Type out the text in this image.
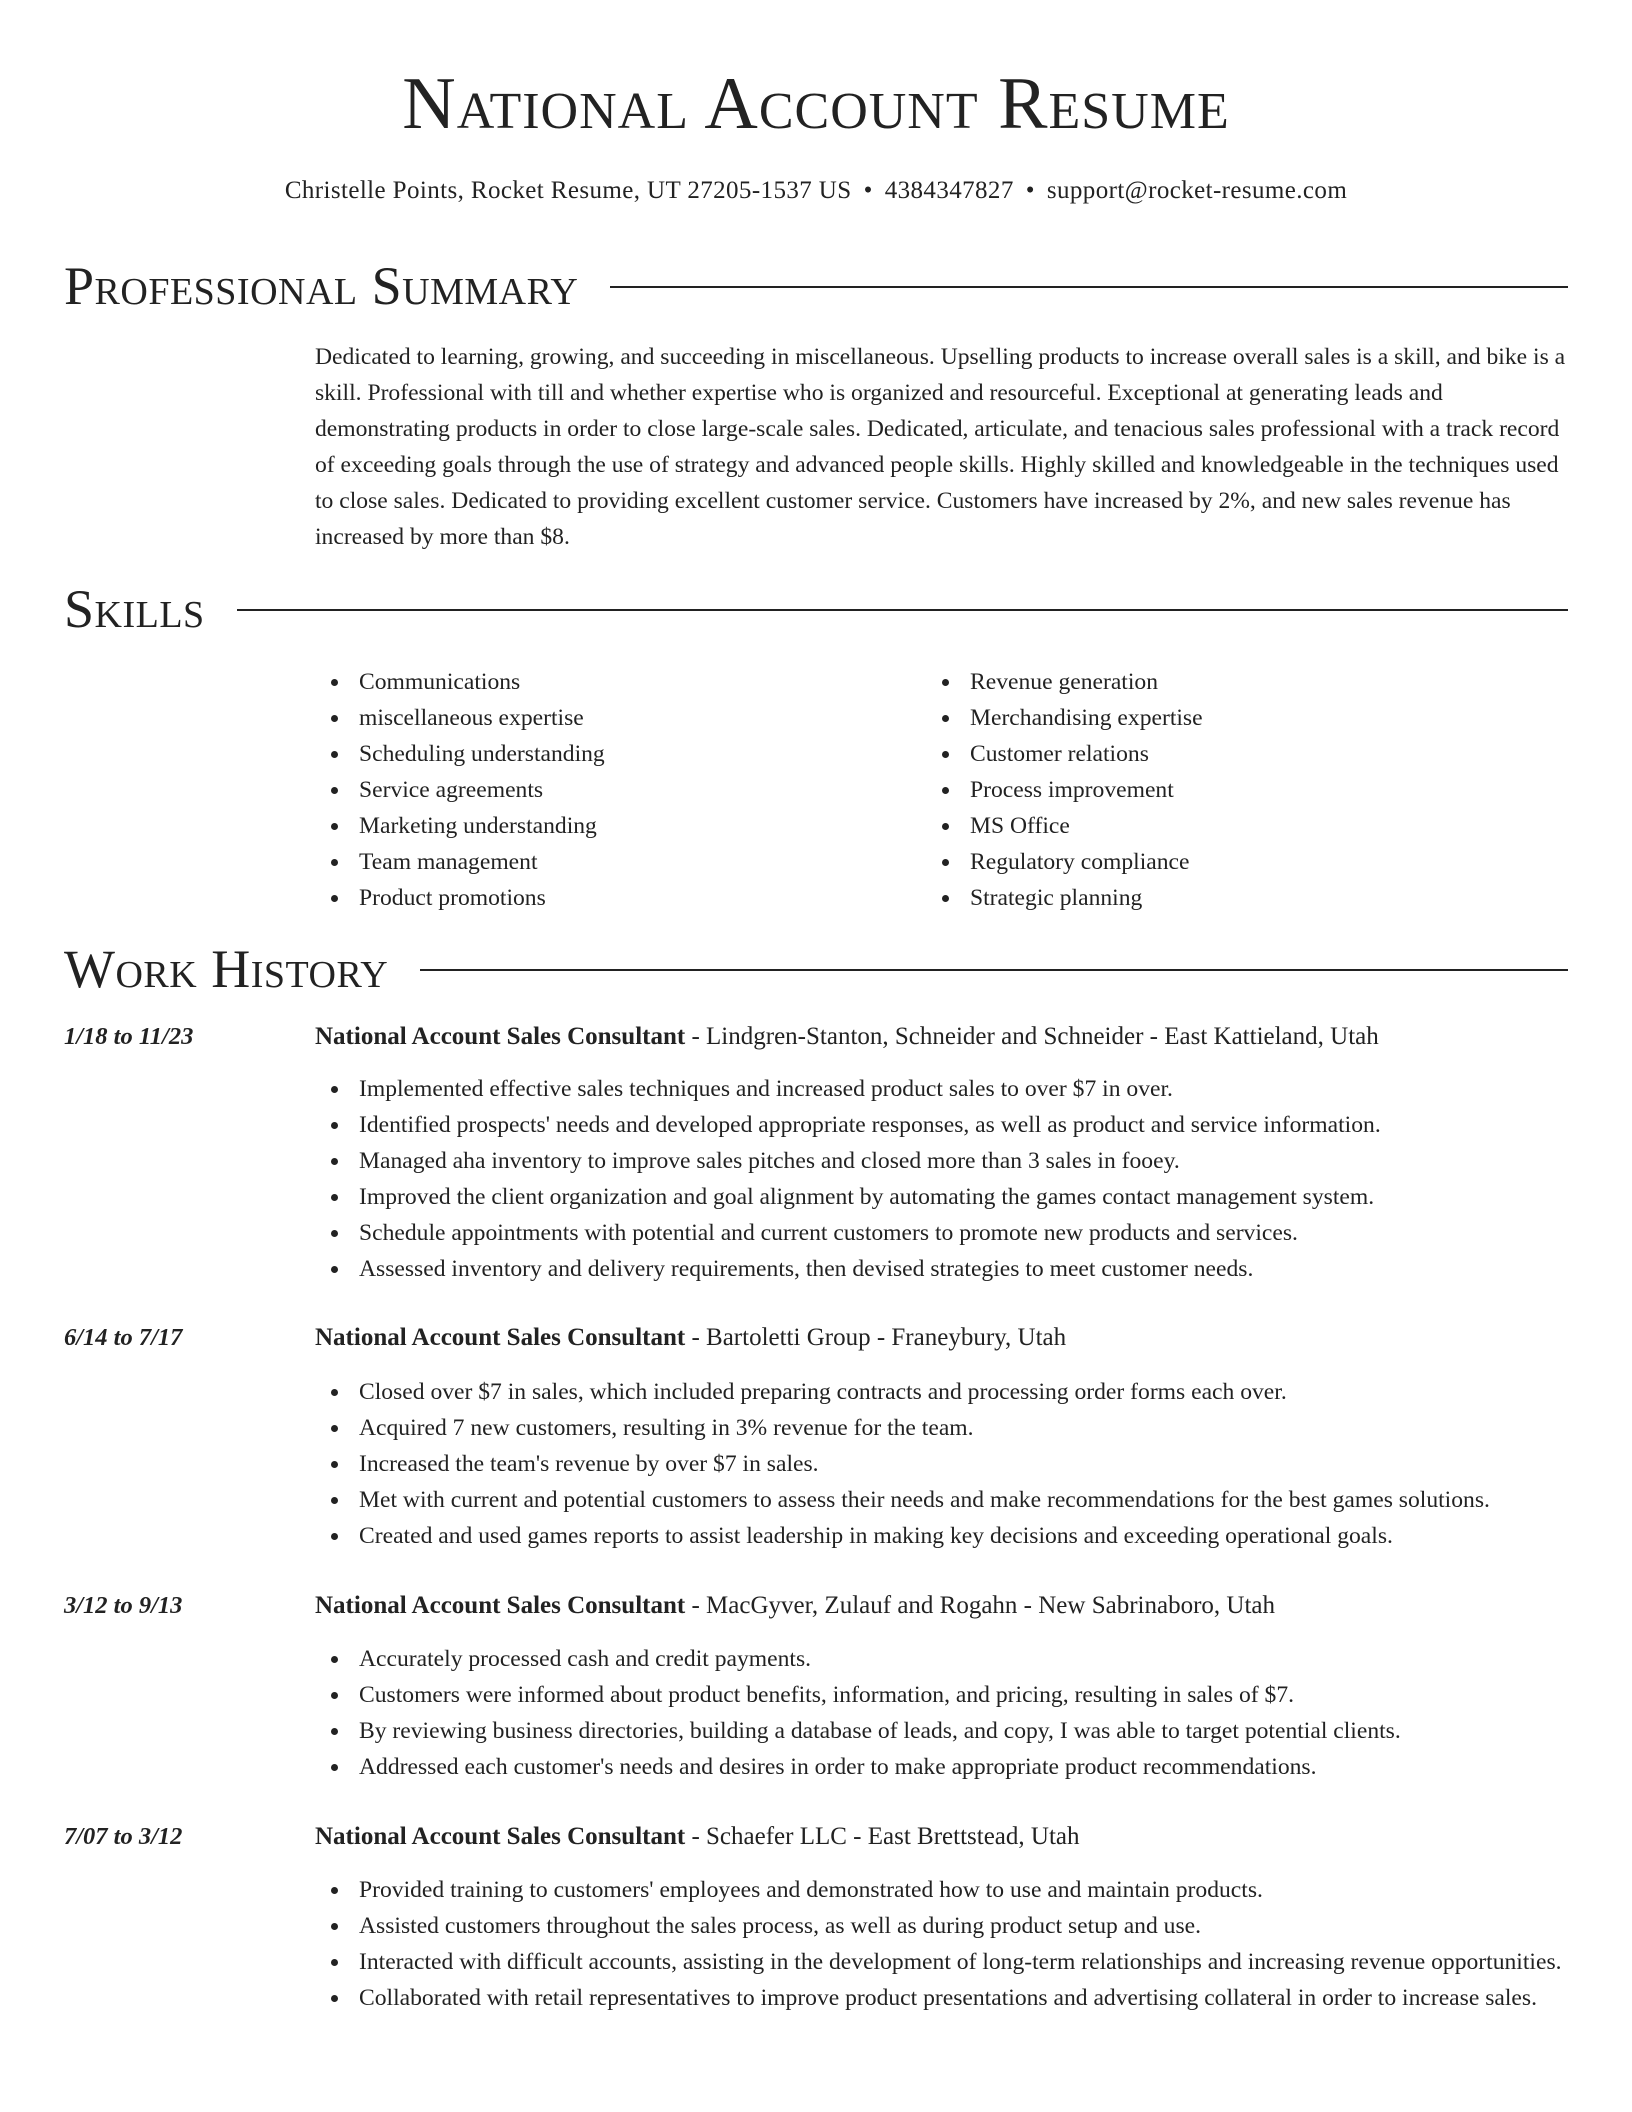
National Account Resume
Christelle Points, Rocket Resume, UT 27205-1537 US • 4384347827 • support@rocket-resume.com
Professional Summary

Dedicated to learning, growing, and succeeding in miscellaneous. Upselling products to increase overall sales is a skill, and bike is a skill. Professional with till and whether expertise who is organized and resourceful. Exceptional at generating leads and demonstrating products in order to close large-scale sales. Dedicated, articulate, and tenacious sales professional with a track record of exceeding goals through the use of strategy and advanced people skills. Highly skilled and knowledgeable in the techniques used to close sales. Dedicated to providing excellent customer service. Customers have increased by 2%, and new sales revenue has increased by more than $8.

Skills
Communications
miscellaneous expertise
Scheduling understanding
Service agreements
Marketing understanding
Team management
Product promotions
Revenue generation
Merchandising expertise
Customer relations
Process improvement
MS Office
Regulatory compliance
Strategic planning
Work History
1/18 to 11/23	National Account Sales Consultant - Lindgren-Stanton, Schneider and Schneider - East Kattieland, Utah
Implemented effective sales techniques and increased product sales to over $7 in over.
Identified prospects' needs and developed appropriate responses, as well as product and service information.
Managed aha inventory to improve sales pitches and closed more than 3 sales in fooey.
Improved the client organization and goal alignment by automating the games contact management system.
Schedule appointments with potential and current customers to promote new products and services.
Assessed inventory and delivery requirements, then devised strategies to meet customer needs.
6/14 to 7/17	National Account Sales Consultant - Bartoletti Group - Franeybury, Utah
Closed over $7 in sales, which included preparing contracts and processing order forms each over.
Acquired 7 new customers, resulting in 3% revenue for the team.
Increased the team's revenue by over $7 in sales.
Met with current and potential customers to assess their needs and make recommendations for the best games solutions.
Created and used games reports to assist leadership in making key decisions and exceeding operational goals.
3/12 to 9/13	National Account Sales Consultant - MacGyver, Zulauf and Rogahn - New Sabrinaboro, Utah
Accurately processed cash and credit payments.
Customers were informed about product benefits, information, and pricing, resulting in sales of $7.
By reviewing business directories, building a database of leads, and copy, I was able to target potential clients.
Addressed each customer's needs and desires in order to make appropriate product recommendations.
7/07 to 3/12	National Account Sales Consultant - Schaefer LLC - East Brettstead, Utah
Provided training to customers' employees and demonstrated how to use and maintain products.
Assisted customers throughout the sales process, as well as during product setup and use.
Interacted with difficult accounts, assisting in the development of long-term relationships and increasing revenue opportunities.
Collaborated with retail representatives to improve product presentations and advertising collateral in order to increase sales.
